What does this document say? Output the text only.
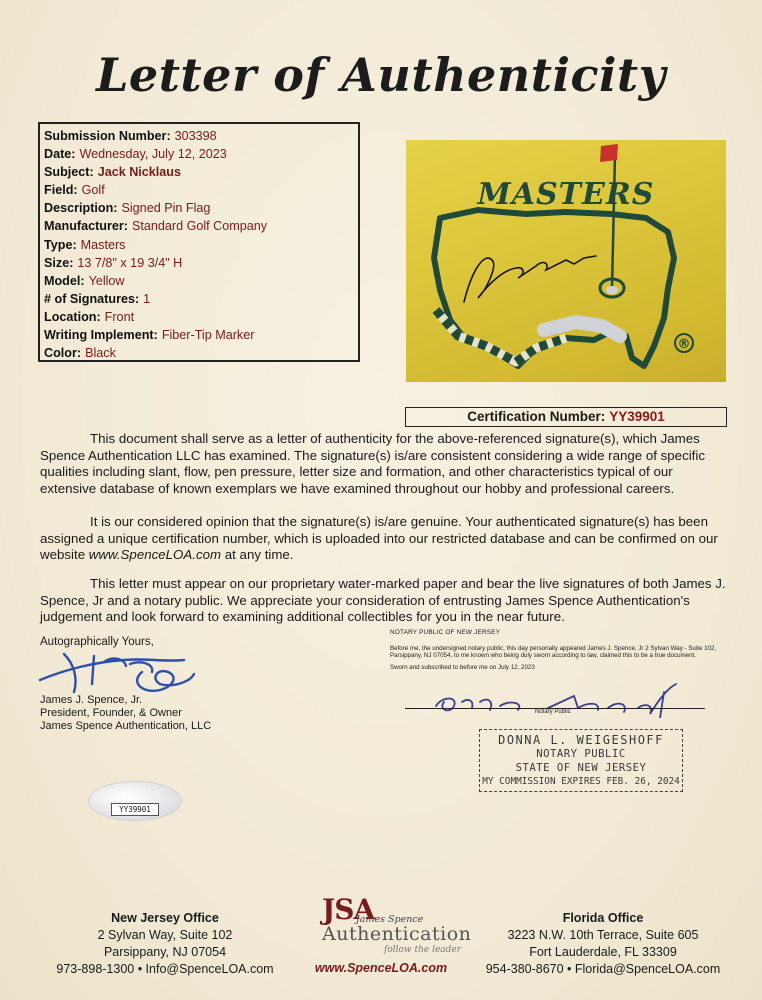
Letter of Authenticity
Submission Number: 303398
Date: Wednesday, July 12, 2023
Subject: Jack Nicklaus
Field: Golf
Description: Signed Pin Flag
Manufacturer: Standard Golf Company
Type: Masters
Size: 13 7/8" x 19 3/4" H
Model: Yellow
# of Signatures: 1
Location: Front
Writing Implement: Fiber-Tip Marker
Color: Black
MASTERS
®
Certification Number: YY39901
This document shall serve as a letter of authenticity for the above-referenced signature(s), which James Spence Authentication LLC has examined. The signature(s) is/are consistent considering a wide range of specific qualities including slant, flow, pen pressure, letter size and formation, and other characteristics typical of our extensive database of known exemplars we have examined throughout our hobby and professional careers.
It is our considered opinion that the signature(s) is/are genuine. Your authenticated signature(s) has been assigned a unique certification number, which is uploaded into our restricted database and can be confirmed on our website www.SpenceLOA.com at any time.
This letter must appear on our proprietary water-marked paper and bear the live signatures of both James J. Spence, Jr and a notary public. We appreciate your consideration of entrusting James Spence Authentication's judgement and look forward to examining additional collectibles for you in the near future.
Autographically Yours,
James J. Spence, Jr.
President, Founder, & Owner
James Spence Authentication, LLC
YY39901
NOTARY PUBLIC OF NEW JERSEY
Before me, the undersigned notary public, this day personally appeared James J. Spence, Jr 2 Sylvan Way - Suite 102, Parsippany, NJ 07054, to me known who being duly sworn according to law, claimed this to be a true document.
Sworn and subscribed to before me on July 12, 2023
Notary Public
DONNA L. WEIGESHOFF
NOTARY PUBLIC
STATE OF NEW JERSEY
MY COMMISSION EXPIRES FEB. 26, 2024
New Jersey Office
2 Sylvan Way, Suite 102
Parsippany, NJ 07054
973-898-1300 • Info@SpenceLOA.com
JSA
James Spence
Authentication
follow the leader
www.SpenceLOA.com
Florida Office
3223 N.W. 10th Terrace, Suite 605
Fort Lauderdale, FL 33309
954-380-8670 • Florida@SpenceLOA.com
